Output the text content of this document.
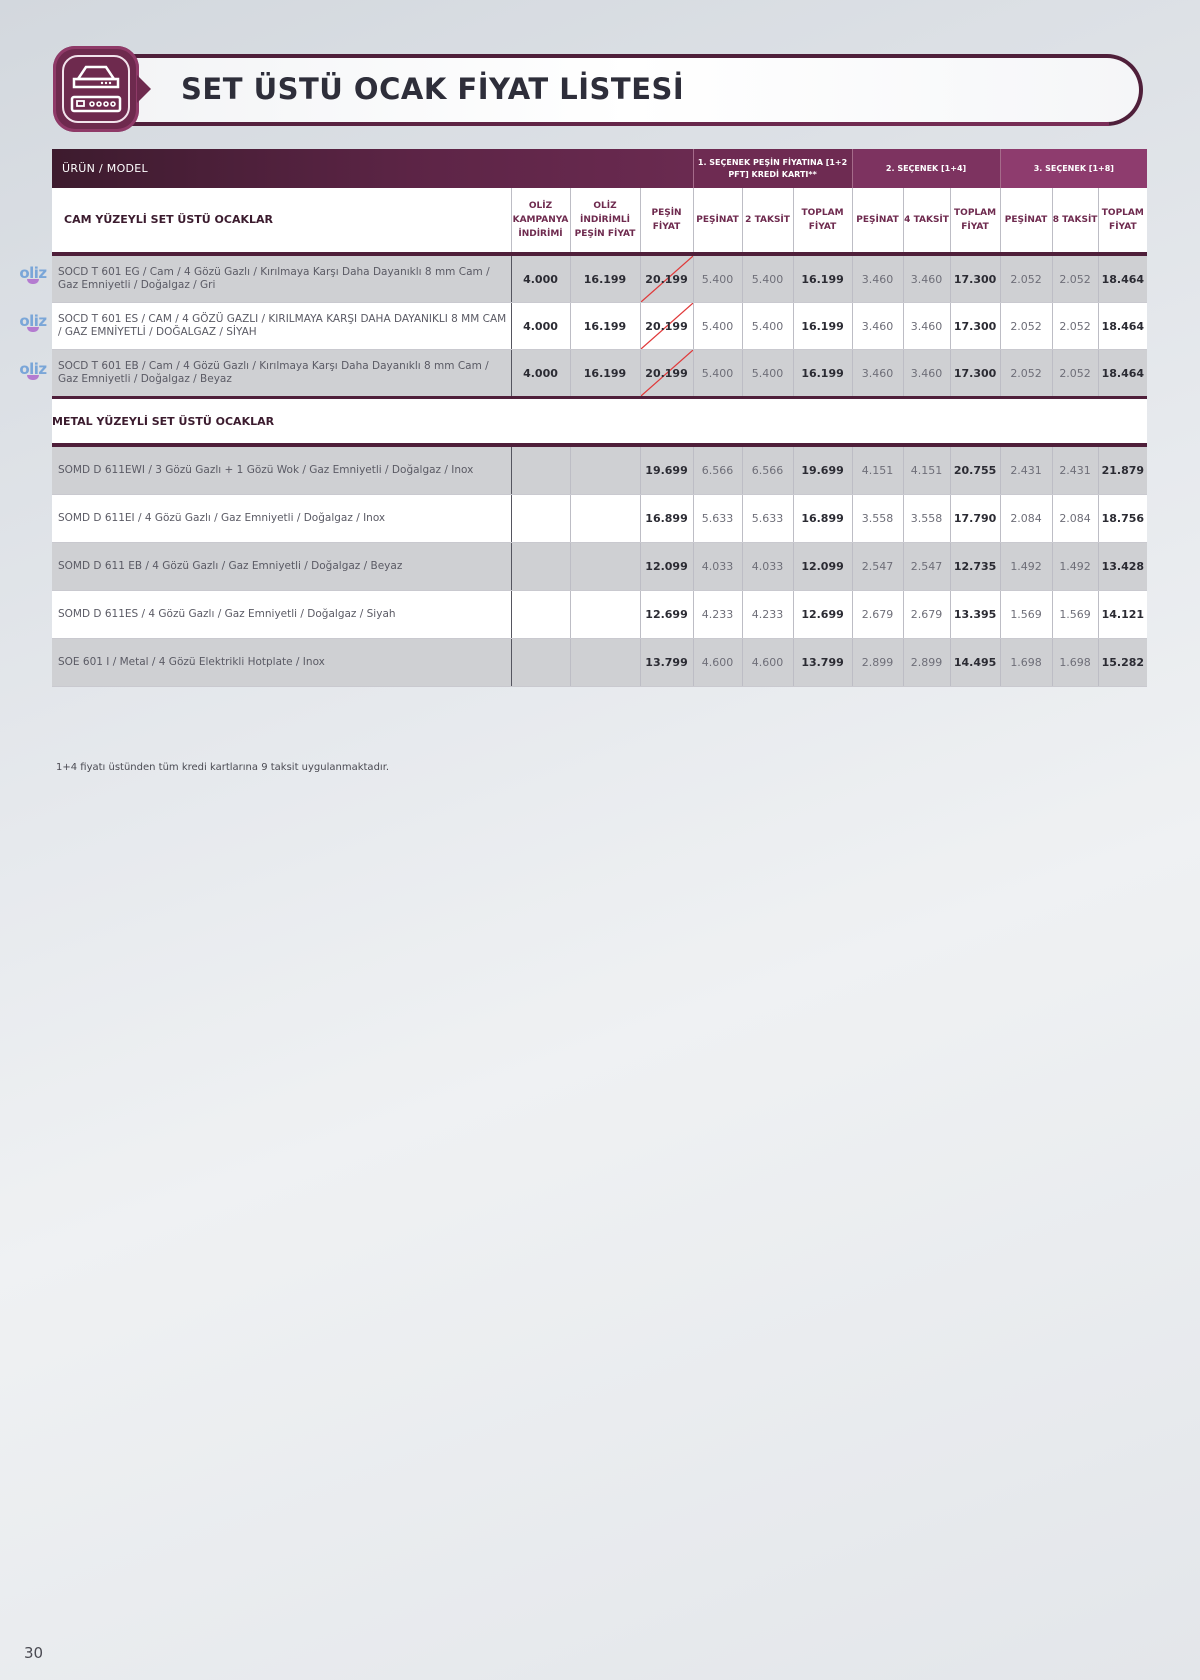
SET ÜSTÜ OCAK FİYAT LİSTESİ
ÜRÜN / MODEL				1. SEÇENEK PEŞİN FİYATINA [1+2 PFT] KREDİ KARTI**			2. SEÇENEK [1+4]			3. SEÇENEK [1+8]		
CAM YÜZEYLİ SET ÜSTÜ OCAKLAR	OLİZ KAMPANYA İNDİRİMİ	OLİZ İNDİRİMLİ PEŞİN FİYAT	PEŞİN FİYAT	PEŞİNAT	2 TAKSİT	TOPLAM FİYAT	PEŞİNAT	4 TAKSİT	TOPLAM FİYAT	PEŞİNAT	8 TAKSİT	TOPLAM FİYAT
SOCD T 601 EG / Cam / 4 Gözü Gazlı / Kırılmaya Karşı Daha Dayanıklı 8 mm Cam / Gaz Emniyetli / Doğalgaz / Gri	4.000	16.199	20.199	5.400	5.400	16.199	3.460	3.460	17.300	2.052	2.052	18.464
SOCD T 601 ES / CAM / 4 GÖZÜ GAZLI / KIRILMAYA KARŞI DAHA DAYANIKLI 8 MM CAM / GAZ EMNİYETLİ / DOĞALGAZ / SİYAH	4.000	16.199	20.199	5.400	5.400	16.199	3.460	3.460	17.300	2.052	2.052	18.464
SOCD T 601 EB / Cam / 4 Gözü Gazlı / Kırılmaya Karşı Daha Dayanıklı 8 mm Cam / Gaz Emniyetli / Doğalgaz / Beyaz	4.000	16.199	20.199	5.400	5.400	16.199	3.460	3.460	17.300	2.052	2.052	18.464
METAL YÜZEYLİ SET ÜSTÜ OCAKLAR												
SOMD D 611EWI / 3 Gözü Gazlı + 1 Gözü Wok / Gaz Emniyetli / Doğalgaz / Inox			19.699	6.566	6.566	19.699	4.151	4.151	20.755	2.431	2.431	21.879
SOMD D 611EI / 4 Gözü Gazlı / Gaz Emniyetli / Doğalgaz / Inox			16.899	5.633	5.633	16.899	3.558	3.558	17.790	2.084	2.084	18.756
SOMD D 611 EB / 4 Gözü Gazlı / Gaz Emniyetli / Doğalgaz / Beyaz			12.099	4.033	4.033	12.099	2.547	2.547	12.735	1.492	1.492	13.428
SOMD D 611ES / 4 Gözü Gazlı / Gaz Emniyetli / Doğalgaz / Siyah			12.699	4.233	4.233	12.699	2.679	2.679	13.395	1.569	1.569	14.121
SOE 601 I / Metal / 4 Gözü Elektrikli Hotplate / Inox			13.799	4.600	4.600	13.799	2.899	2.899	14.495	1.698	1.698	15.282
1+4 fiyatı üstünden tüm kredi kartlarına 9 taksit uygulanmaktadır.
30
oliz
oliz
oliz
